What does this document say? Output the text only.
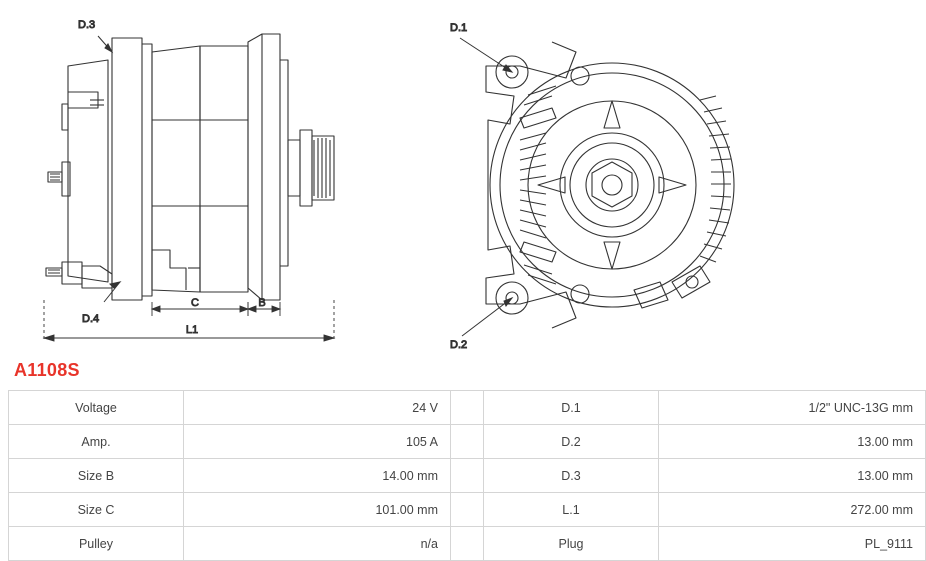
D.3
D.4
C	B
L1
D.1
D.2
A1108S
Voltage	24 V		D.1	1/2" UNC-13G mm
Amp.	105 A		D.2	13.00 mm
Size B	14.00 mm		D.3	13.00 mm
Size C	101.00 mm		L.1	272.00 mm
Pulley	n/a		Plug	PL_9111
